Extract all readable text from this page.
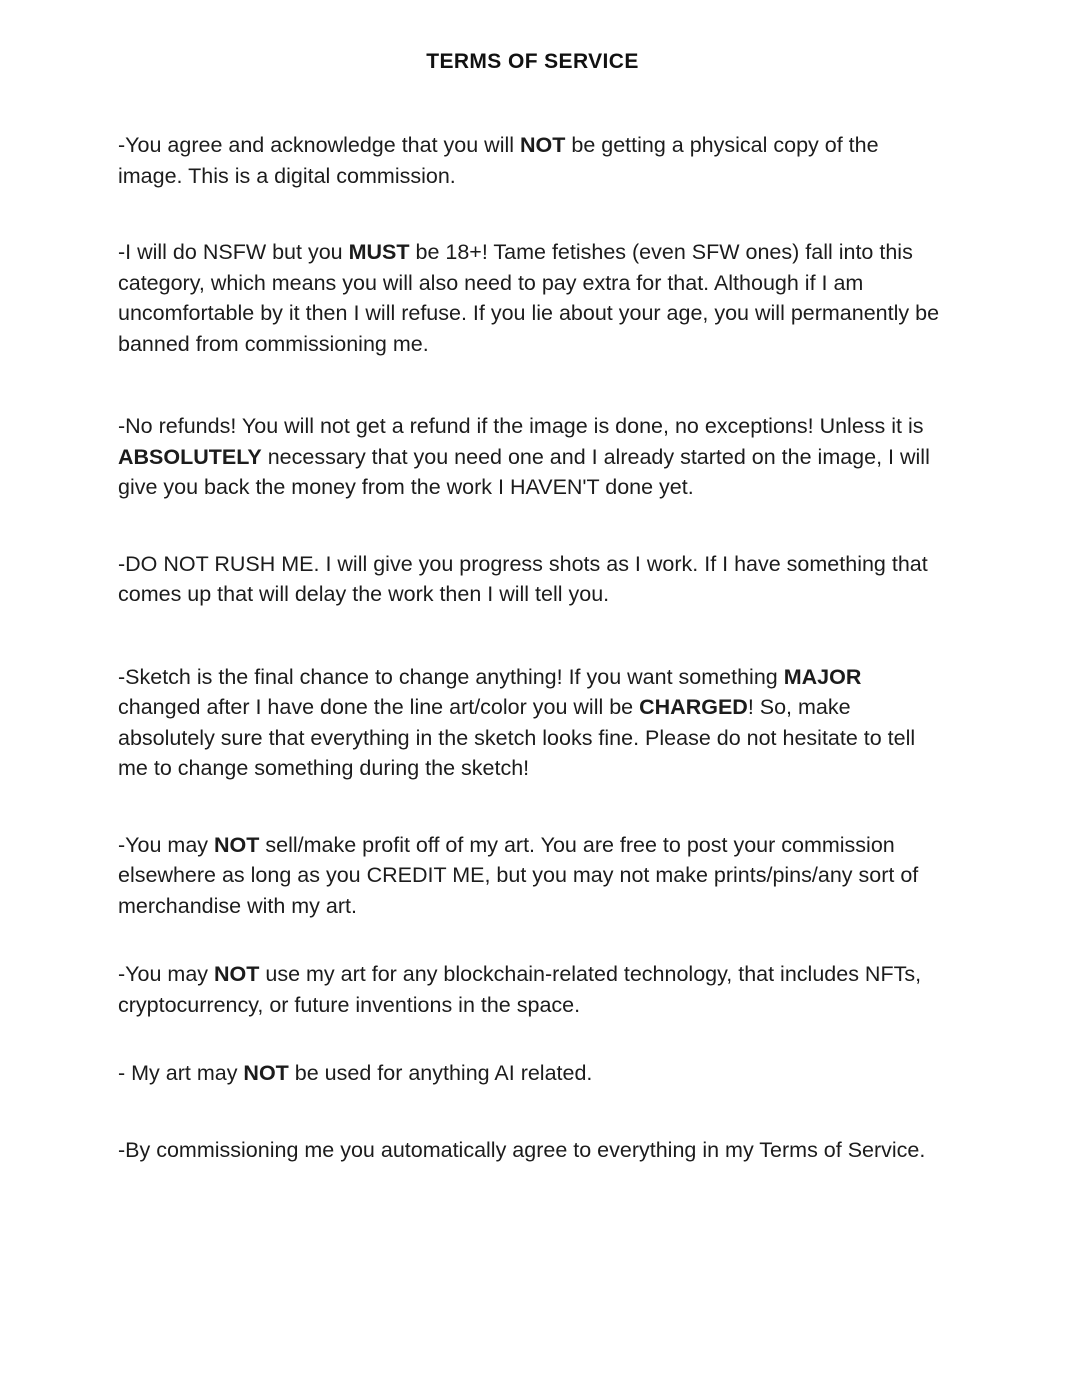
TERMS OF SERVICE

-You agree and acknowledge that you will NOT be getting a physical copy of the image. This is a digital commission.

-I will do NSFW but you MUST be 18+! Tame fetishes (even SFW ones) fall into this category, which means you will also need to pay extra for that. Although if I am uncomfortable by it then I will refuse. If you lie about your age, you will permanently be banned from commissioning me.

-No refunds! You will not get a refund if the image is done, no exceptions! Unless it is ABSOLUTELY necessary that you need one and I already started on the image, I will give you back the money from the work I HAVEN'T done yet.

-DO NOT RUSH ME. I will give you progress shots as I work. If I have something that comes up that will delay the work then I will tell you.

-Sketch is the final chance to change anything! If you want something MAJOR changed after I have done the line art/color you will be CHARGED! So, make absolutely sure that everything in the sketch looks fine. Please do not hesitate to tell me to change something during the sketch!

-You may NOT sell/make profit off of my art. You are free to post your commission elsewhere as long as you CREDIT ME, but you may not make prints/pins/any sort of merchandise with my art.

-You may NOT use my art for any blockchain-related technology, that includes NFTs, cryptocurrency, or future inventions in the space.

- My art may NOT be used for anything AI related.

-By commissioning me you automatically agree to everything in my Terms of Service.
